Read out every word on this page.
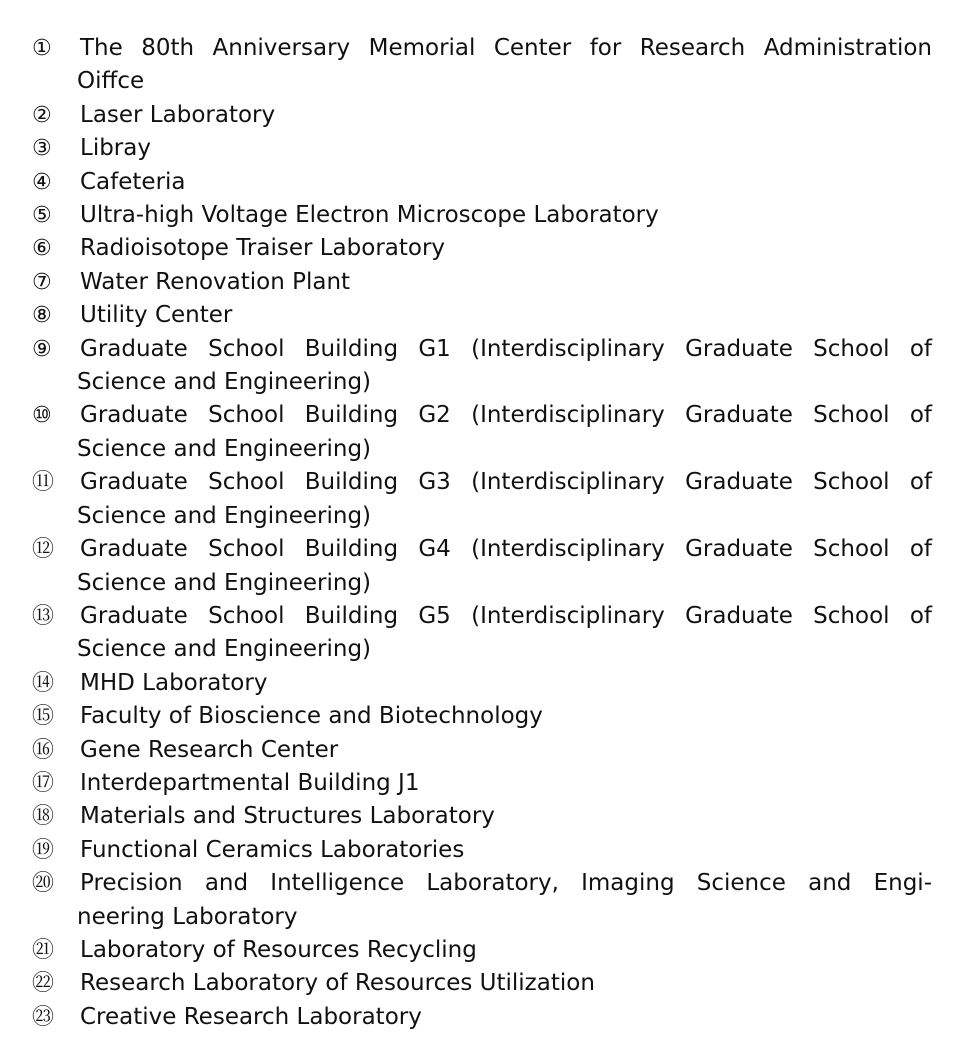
①	The 80th Anniversary Memorial Center for Research Administration
Oiffce
②	Laser Laboratory
③	Libray
④	Cafeteria
⑤	Ultra-high Voltage Electron Microscope Laboratory
⑥	Radioisotope Traiser Laboratory
⑦	Water Renovation Plant
⑧	Utility Center
⑨	Graduate School Building G1 (Interdisciplinary Graduate School of
Science and Engineering)
⑩	Graduate School Building G2 (Interdisciplinary Graduate School of
Science and Engineering)
⑪	Graduate School Building G3 (Interdisciplinary Graduate School of
Science and Engineering)
⑫	Graduate School Building G4 (Interdisciplinary Graduate School of
Science and Engineering)
⑬	Graduate School Building G5 (Interdisciplinary Graduate School of
Science and Engineering)
⑭	MHD Laboratory
⑮	Faculty of Bioscience and Biotechnology
⑯	Gene Research Center
⑰	Interdepartmental Building J1
⑱	Materials and Structures Laboratory
⑲	Functional Ceramics Laboratories
⑳	Precision and Intelligence Laboratory, Imaging Science and Engi-
neering Laboratory
㉑	Laboratory of Resources Recycling
㉒	Research Laboratory of Resources Utilization
㉓	Creative Research Laboratory
